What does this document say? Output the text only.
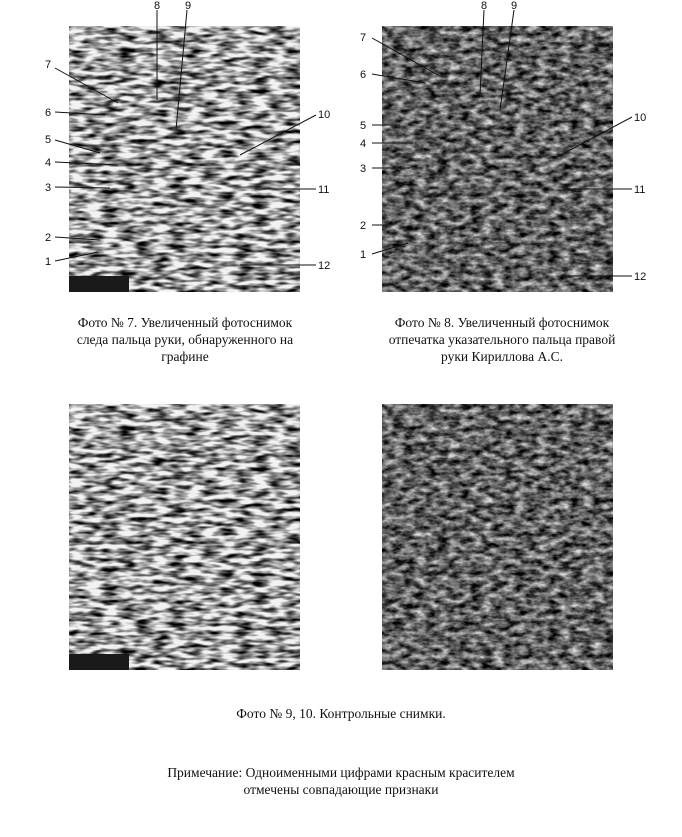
8 9
7
6
5
4
3
2
1
10
11
12
8 9
7
6
5
4
3
2
1
10
11
12
Фото № 7. Увеличенный фотоснимок
следа пальца руки, обнаруженного на
графине
Фото № 8. Увеличенный фотоснимок
отпечатка указательного пальца правой
руки Кириллова А.С.
Фото № 9, 10. Контрольные снимки.
Примечание: Одноименными цифрами красным красителем
отмечены совпадающие признаки
